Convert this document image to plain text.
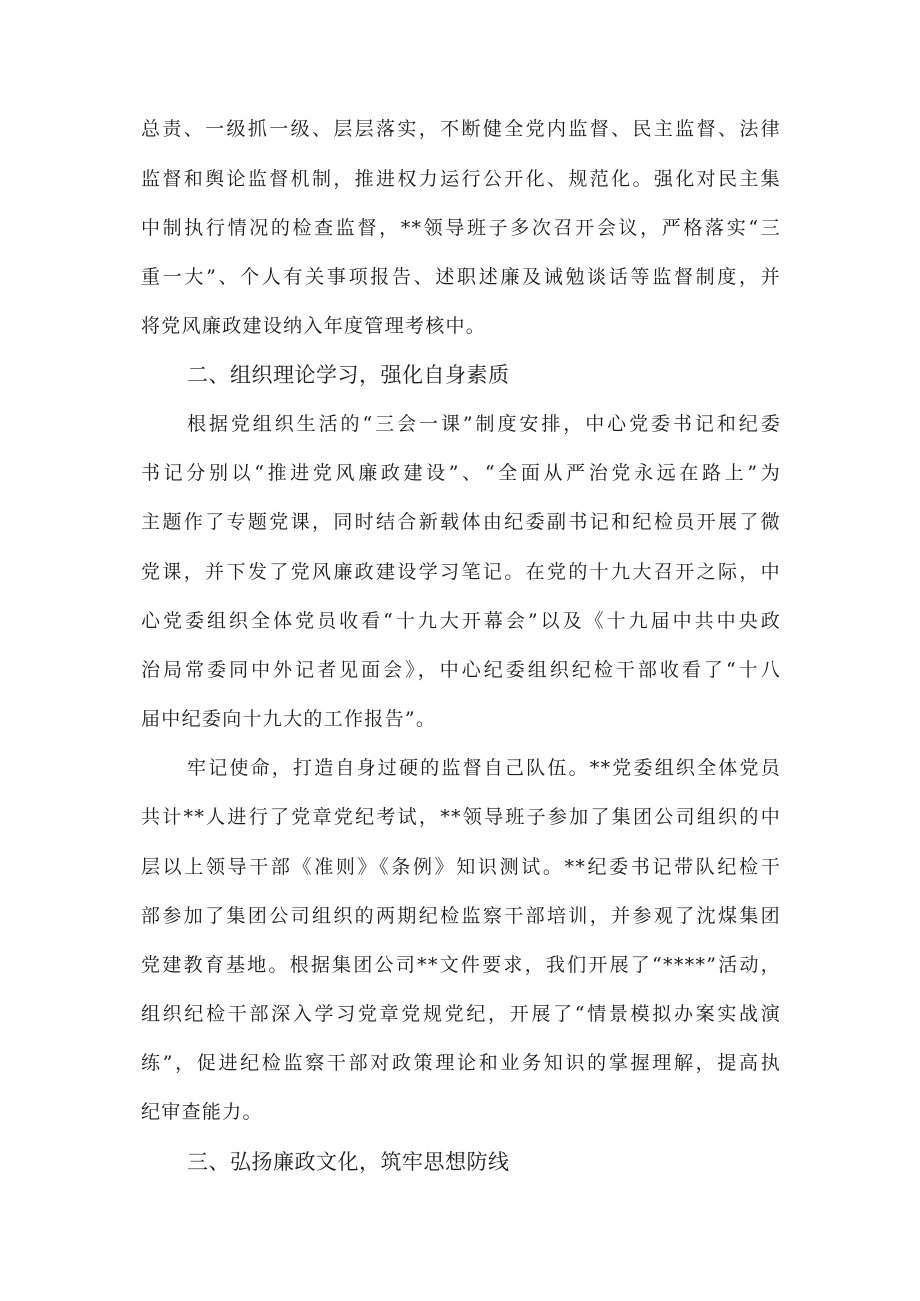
总责、一级抓一级、层层落实，不断健全党内监督、民主监督、法律
监督和舆论监督机制，推进权力运行公开化、规范化。强化对民主集
中制执行情况的检查监督，**领导班子多次召开会议，严格落实“三
重一大”、个人有关事项报告、述职述廉及诫勉谈话等监督制度，并
将党风廉政建设纳入年度管理考核中。
二、组织理论学习，强化自身素质
根据党组织生活的“三会一课”制度安排，中心党委书记和纪委
书记分别以“推进党风廉政建设”、“全面从严治党永远在路上”为
主题作了专题党课，同时结合新载体由纪委副书记和纪检员开展了微
党课，并下发了党风廉政建设学习笔记。在党的十九大召开之际，中
心党委组织全体党员收看“十九大开幕会”以及《十九届中共中央政
治局常委同中外记者见面会》，中心纪委组织纪检干部收看了“十八
届中纪委向十九大的工作报告”。
牢记使命，打造自身过硬的监督自己队伍。**党委组织全体党员
共计**人进行了党章党纪考试，**领导班子参加了集团公司组织的中
层以上领导干部《准则》《条例》知识测试。**纪委书记带队纪检干
部参加了集团公司组织的两期纪检监察干部培训，并参观了沈煤集团
党建教育基地。根据集团公司**文件要求，我们开展了“****”活动，
组织纪检干部深入学习党章党规党纪，开展了“情景模拟办案实战演
练”，促进纪检监察干部对政策理论和业务知识的掌握理解，提高执
纪审查能力。
三、弘扬廉政文化，筑牢思想防线
